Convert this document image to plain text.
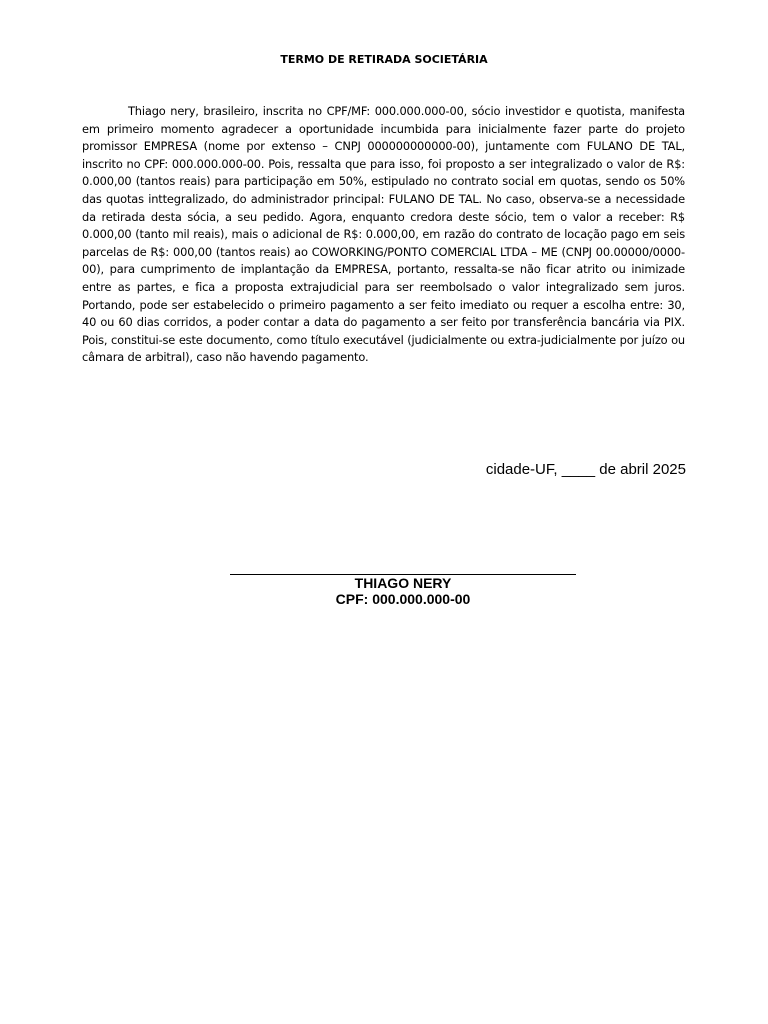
TERMO DE RETIRADA SOCIETÁRIA

Thiago nery, brasileiro, inscrita no CPF/MF: 000.000.000-00, sócio investidor e quotista, manifesta em primeiro momento agradecer a oportunidade incumbida para inicialmente fazer parte do projeto promissor EMPRESA (nome por extenso – CNPJ 000000000000-00), juntamente com FULANO DE TAL, inscrito no CPF: 000.000.000-00. Pois, ressalta que para isso, foi proposto a ser integralizado o valor de R$: 0.000,00 (tantos reais) para participação em 50%, estipulado no contrato social em quotas, sendo os 50% das quotas inttegralizado, do administrador principal: FULANO DE TAL. No caso, observa-se a necessidade da retirada desta sócia, a seu pedido. Agora, enquanto credora deste sócio, tem o valor a receber: R$ 0.000,00 (tanto mil reais), mais o adicional de R$: 0.000,00, em razão do contrato de locação pago em seis parcelas de R$: 000,00 (tantos reais) ao COWORKING/PONTO COMERCIAL LTDA – ME (CNPJ 00.00000/0000-00), para cumprimento de implantação da EMPRESA, portanto, ressalta-se não ficar atrito ou inimizade entre as partes, e fica a proposta extrajudicial para ser reembolsado o valor integralizado sem juros. Portando, pode ser estabelecido o primeiro pagamento a ser feito imediato ou requer a escolha entre: 30, 40 ou 60 dias corridos, a poder contar a data do pagamento a ser feito por transferência bancária via PIX. Pois, constitui-se este documento, como título executável (judicialmente ou extra-judicialmente por juízo ou câmara de arbitral), caso não havendo pagamento.

cidade-UF, ____ de abril 2025
THIAGO NERY
CPF: 000.000.000-00
